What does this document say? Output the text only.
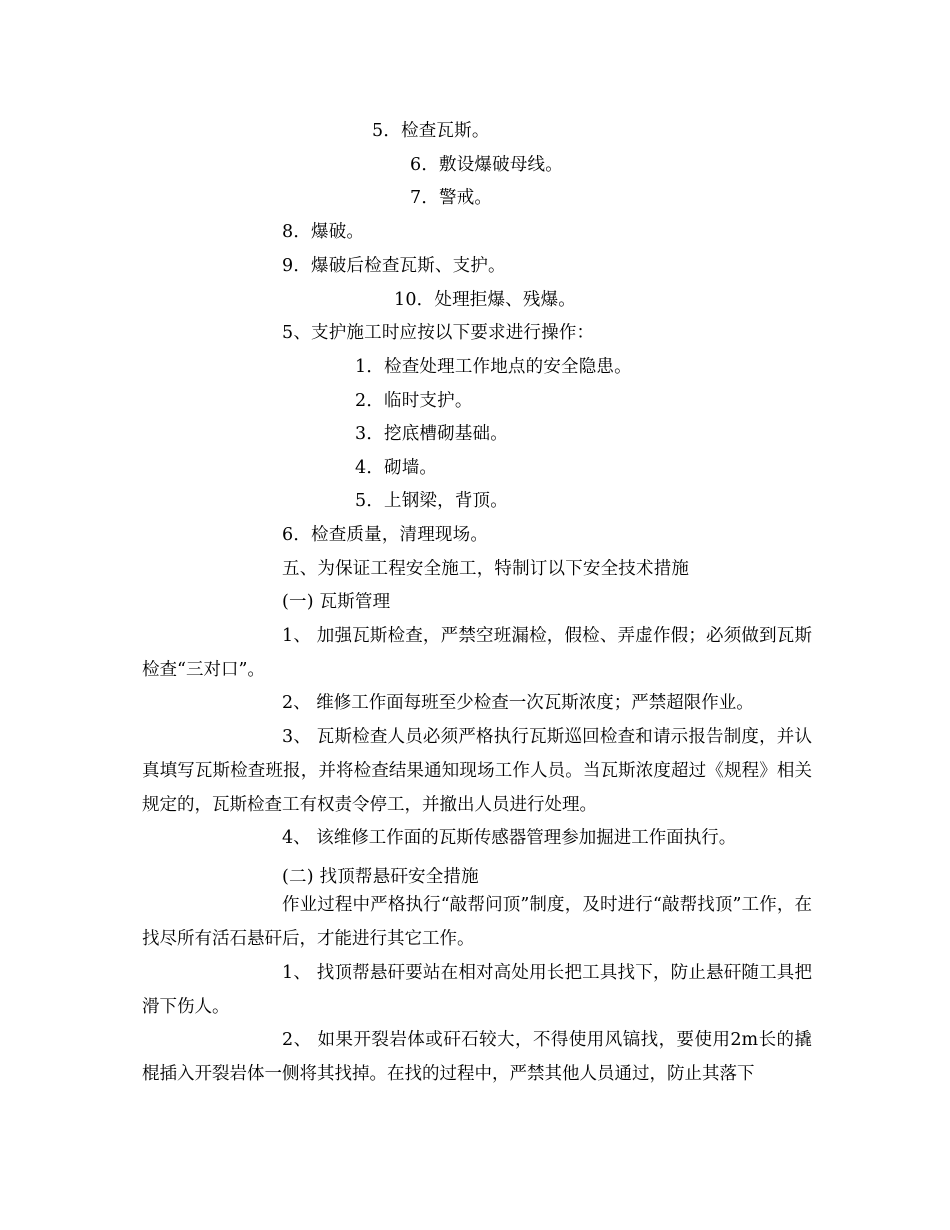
5．检查瓦斯。
6．敷设爆破母线。
7．警戒。
8．爆破。
9．爆破后检查瓦斯、支护。
10．处理拒爆、残爆。
5、支护施工时应按以下要求进行操作：
1．检查处理工作地点的安全隐患。
2．临时支护。
3．挖底槽砌基础。
4．砌墙。
5．上钢梁，背顶。
6．检查质量，清理现场。
五、为保证工程安全施工，特制订以下安全技术措施
(一) 瓦斯管理
1、 加强瓦斯检查，严禁空班漏检，假检、弄虚作假；必须做到瓦斯检查“三对口”。
2、 维修工作面每班至少检查一次瓦斯浓度；严禁超限作业。
3、 瓦斯检查人员必须严格执行瓦斯巡回检查和请示报告制度，并认真填写瓦斯检查班报，并将检查结果通知现场工作人员。当瓦斯浓度超过《规程》相关规定的，瓦斯检查工有权责令停工，并撤出人员进行处理。
4、 该维修工作面的瓦斯传感器管理参加掘进工作面执行。
(二) 找顶帮悬矸安全措施
作业过程中严格执行“敲帮问顶”制度，及时进行“敲帮找顶”工作，在找尽所有活石悬矸后，才能进行其它工作。
1、 找顶帮悬矸要站在相对高处用长把工具找下，防止悬矸随工具把滑下伤人。
2、 如果开裂岩体或矸石较大，不得使用风镐找，要使用2m长的撬棍插入开裂岩体一侧将其找掉。在找的过程中，严禁其他人员通过，防止其落下
